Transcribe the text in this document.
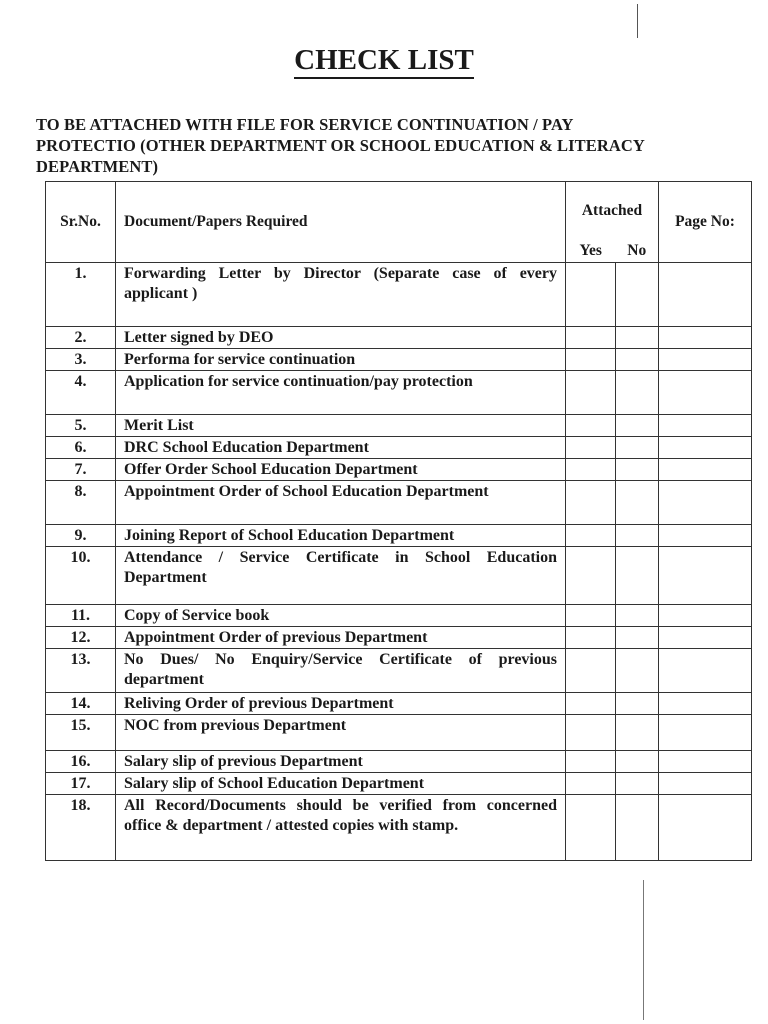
CHECK LIST

TO BE ATTACHED WITH FILE FOR SERVICE CONTINUATION / PAY PROTECTIO (OTHER DEPARTMENT OR SCHOOL EDUCATION & LITERACY DEPARTMENT)

Sr.No.	Document/Papers Required	Attached		Page No:
		Yes	No	
1.	Forwarding Letter by Director (Separate case of every applicant )			
2.	Letter signed by DEO			
3.	Performa for service continuation			
4.	Application for service continuation/pay protection			
5.	Merit List			
6.	DRC School Education Department			
7.	Offer Order School Education Department			
8.	Appointment Order of School Education Department			
9.	Joining Report of School Education Department			
10.	Attendance / Service Certificate in School Education Department			
11.	Copy of Service book			
12.	Appointment Order of previous Department			
13.	No Dues/ No Enquiry/Service Certificate of previous department			
14.	Reliving Order of previous Department			
15.	NOC from previous Department			
16.	Salary slip of previous Department			
17.	Salary slip of School Education Department			
18.	All Record/Documents should be verified from concerned office & department / attested copies with stamp.			
